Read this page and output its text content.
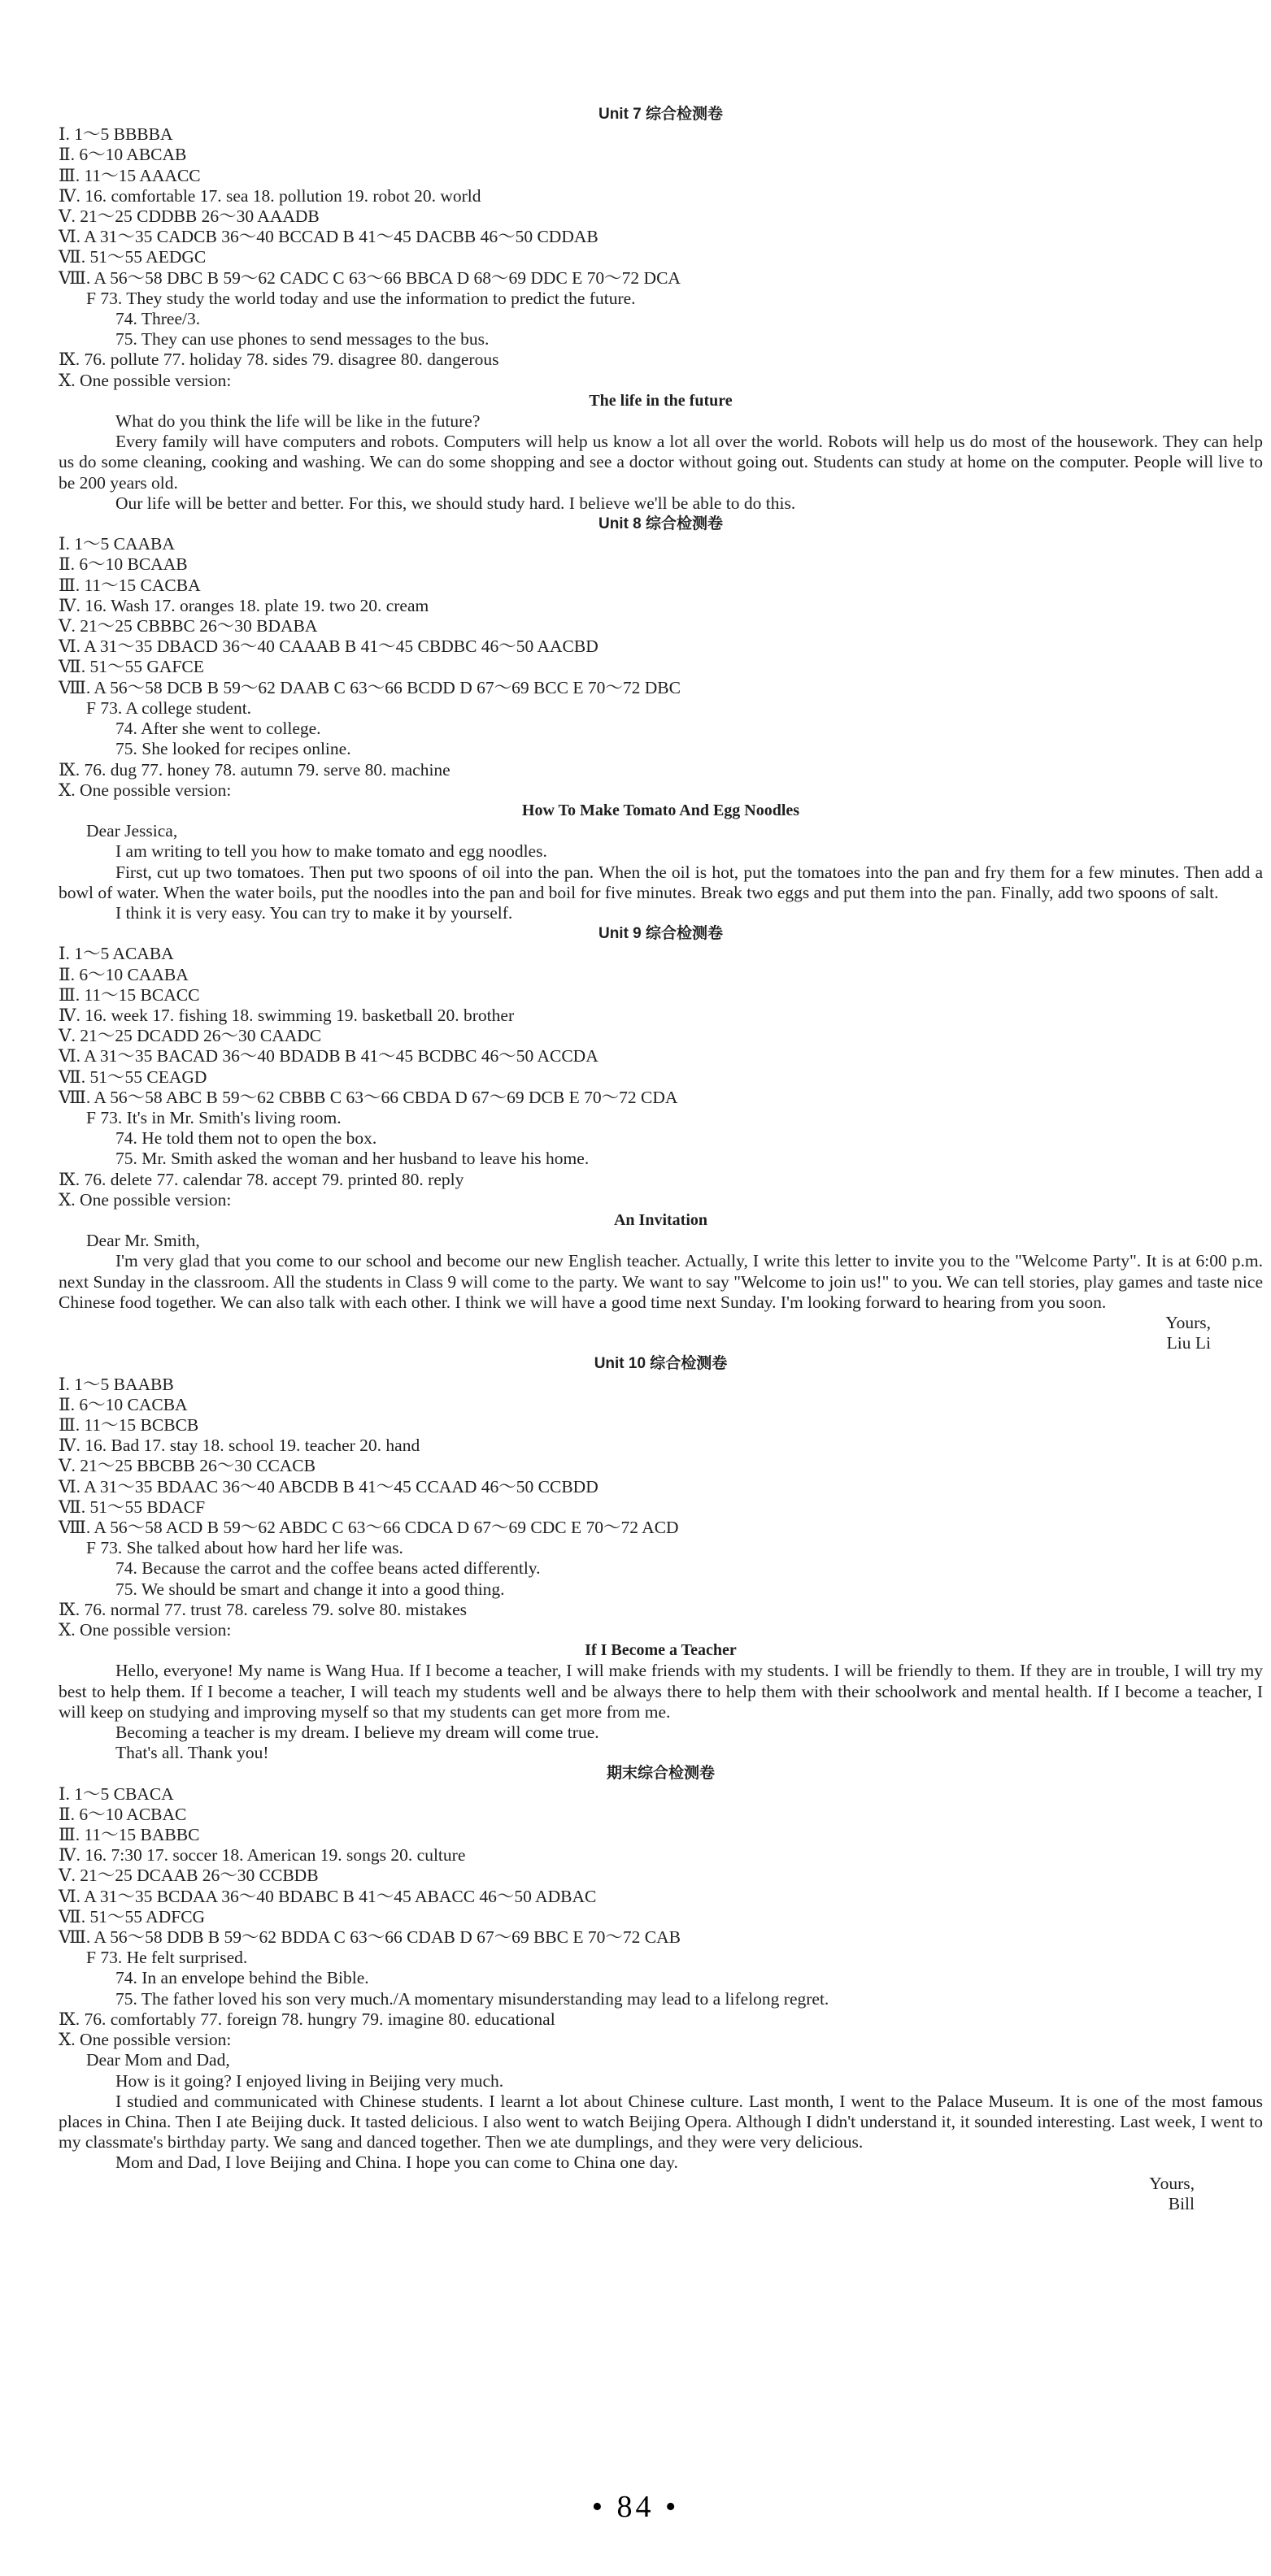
Unit 7 综合检测卷
Ⅰ. 1～5 BBBBA
Ⅱ. 6～10 ABCAB
Ⅲ. 11～15 AAACC
Ⅳ. 16. comfortable 17. sea 18. pollution 19. robot 20. world
Ⅴ. 21～25 CDDBB 26～30 AAADB
Ⅵ. A 31～35 CADCB 36～40 BCCAD B 41～45 DACBB 46～50 CDDAB
Ⅶ. 51～55 AEDGC
Ⅷ. A 56～58 DBC B 59～62 CADC C 63～66 BBCA D 68～69 DDC E 70～72 DCA
F 73. They study the world today and use the information to predict the future.
74. Three/3.
75. They can use phones to send messages to the bus.
Ⅸ. 76. pollute 77. holiday 78. sides 79. disagree 80. dangerous
Ⅹ. One possible version:
The life in the future
What do you think the life will be like in the future?
Every family will have computers and robots. Computers will help us know a lot all over the world. Robots will help us do most of the housework. They can help us do some cleaning, cooking and washing. We can do some shopping and see a doctor without going out. Students can study at home on the computer. People will live to be 200 years old.
Our life will be better and better. For this, we should study hard. I believe we'll be able to do this.
Unit 8 综合检测卷
Ⅰ. 1～5 CAABA
Ⅱ. 6～10 BCAAB
Ⅲ. 11～15 CACBA
Ⅳ. 16. Wash 17. oranges 18. plate 19. two 20. cream
Ⅴ. 21～25 CBBBC 26～30 BDABA
Ⅵ. A 31～35 DBACD 36～40 CAAAB B 41～45 CBDBC 46～50 AACBD
Ⅶ. 51～55 GAFCE
Ⅷ. A 56～58 DCB B 59～62 DAAB C 63～66 BCDD D 67～69 BCC E 70～72 DBC
F 73. A college student.
74. After she went to college.
75. She looked for recipes online.
Ⅸ. 76. dug 77. honey 78. autumn 79. serve 80. machine
Ⅹ. One possible version:
How To Make Tomato And Egg Noodles
Dear Jessica,
I am writing to tell you how to make tomato and egg noodles.
First, cut up two tomatoes. Then put two spoons of oil into the pan. When the oil is hot, put the tomatoes into the pan and fry them for a few minutes. Then add a bowl of water. When the water boils, put the noodles into the pan and boil for five minutes. Break two eggs and put them into the pan. Finally, add two spoons of salt.
I think it is very easy. You can try to make it by yourself.
Unit 9 综合检测卷
Ⅰ. 1～5 ACABA
Ⅱ. 6～10 CAABA
Ⅲ. 11～15 BCACC
Ⅳ. 16. week 17. fishing 18. swimming 19. basketball 20. brother
Ⅴ. 21～25 DCADD 26～30 CAADC
Ⅵ. A 31～35 BACAD 36～40 BDADB B 41～45 BCDBC 46～50 ACCDA
Ⅶ. 51～55 CEAGD
Ⅷ. A 56～58 ABC B 59～62 CBBB C 63～66 CBDA D 67～69 DCB E 70～72 CDA
F 73. It's in Mr. Smith's living room.
74. He told them not to open the box.
75. Mr. Smith asked the woman and her husband to leave his home.
Ⅸ. 76. delete 77. calendar 78. accept 79. printed 80. reply
Ⅹ. One possible version:
An Invitation
Dear Mr. Smith,
I'm very glad that you come to our school and become our new English teacher. Actually, I write this letter to invite you to the "Welcome Party". It is at 6:00 p.m. next Sunday in the classroom. All the students in Class 9 will come to the party. We want to say "Welcome to join us!" to you. We can tell stories, play games and taste nice Chinese food together. We can also talk with each other. I think we will have a good time next Sunday. I'm looking forward to hearing from you soon.
Yours,
Liu Li
Unit 10 综合检测卷
Ⅰ. 1～5 BAABB
Ⅱ. 6～10 CACBA
Ⅲ. 11～15 BCBCB
Ⅳ. 16. Bad 17. stay 18. school 19. teacher 20. hand
Ⅴ. 21～25 BBCBB 26～30 CCACB
Ⅵ. A 31～35 BDAAC 36～40 ABCDB B 41～45 CCAAD 46～50 CCBDD
Ⅶ. 51～55 BDACF
Ⅷ. A 56～58 ACD B 59～62 ABDC C 63～66 CDCA D 67～69 CDC E 70～72 ACD
F 73. She talked about how hard her life was.
74. Because the carrot and the coffee beans acted differently.
75. We should be smart and change it into a good thing.
Ⅸ. 76. normal 77. trust 78. careless 79. solve 80. mistakes
Ⅹ. One possible version:
If I Become a Teacher
Hello, everyone! My name is Wang Hua. If I become a teacher, I will make friends with my students. I will be friendly to them. If they are in trouble, I will try my best to help them. If I become a teacher, I will teach my students well and be always there to help them with their schoolwork and mental health. If I become a teacher, I will keep on studying and improving myself so that my students can get more from me.
Becoming a teacher is my dream. I believe my dream will come true.
That's all. Thank you!
期末综合检测卷
Ⅰ. 1～5 CBACA
Ⅱ. 6～10 ACBAC
Ⅲ. 11～15 BABBC
Ⅳ. 16. 7:30 17. soccer 18. American 19. songs 20. culture
Ⅴ. 21～25 DCAAB 26～30 CCBDB
Ⅵ. A 31～35 BCDAA 36～40 BDABC B 41～45 ABACC 46～50 ADBAC
Ⅶ. 51～55 ADFCG
Ⅷ. A 56～58 DDB B 59～62 BDDA C 63～66 CDAB D 67～69 BBC E 70～72 CAB
F 73. He felt surprised.
74. In an envelope behind the Bible.
75. The father loved his son very much./A momentary misunderstanding may lead to a lifelong regret.
Ⅸ. 76. comfortably 77. foreign 78. hungry 79. imagine 80. educational
Ⅹ. One possible version:
Dear Mom and Dad,
How is it going? I enjoyed living in Beijing very much.
I studied and communicated with Chinese students. I learnt a lot about Chinese culture. Last month, I went to the Palace Museum. It is one of the most famous places in China. Then I ate Beijing duck. It tasted delicious. I also went to watch Beijing Opera. Although I didn't understand it, it sounded interesting. Last week, I went to my classmate's birthday party. We sang and danced together. Then we ate dumplings, and they were very delicious.
Mom and Dad, I love Beijing and China. I hope you can come to China one day.
Yours,
Bill
• 84 •
